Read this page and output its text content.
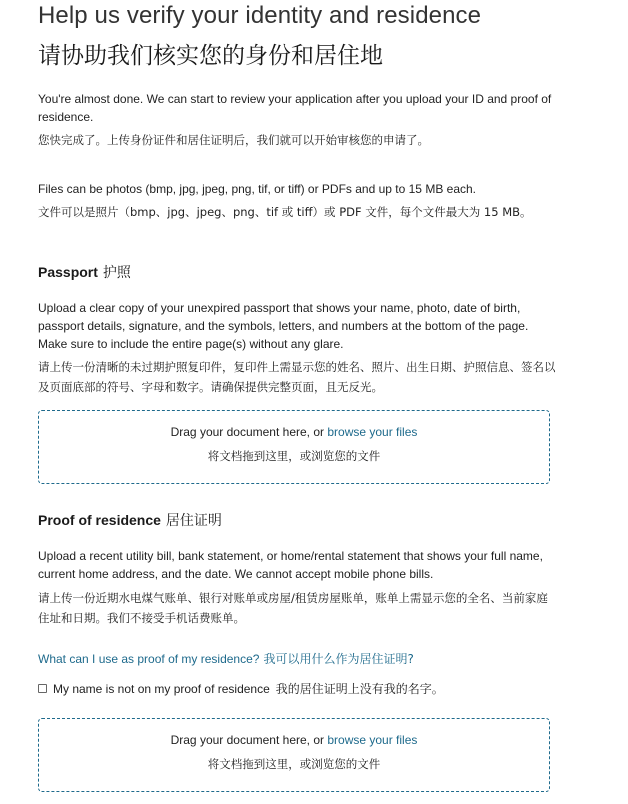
Help us verify your identity and residence
请协助我们核实您的身份和居住地
You're almost done. We can start to review your application after you upload your ID and proof of residence.
您快完成了。上传身份证件和居住证明后，我们就可以开始审核您的申请了。
Files can be photos (bmp, jpg, jpeg, png, tif, or tiff) or PDFs and up to 15 MB each.
文件可以是照片（bmp、jpg、jpeg、png、tif 或 tiff）或 PDF 文件，每个文件最大为 15 MB。
Passport 护照
Upload a clear copy of your unexpired passport that shows your name, photo, date of birth, passport details, signature, and the symbols, letters, and numbers at the bottom of the page. Make sure to include the entire page(s) without any glare.
请上传一份清晰的未过期护照复印件，复印件上需显示您的姓名、照片、出生日期、护照信息、签名以及页面底部的符号、字母和数字。请确保提供完整页面，且无反光。
Drag your document here, or browse your files
将文档拖到这里，或浏览您的文件
Proof of residence 居住证明
Upload a recent utility bill, bank statement, or home/rental statement that shows your full name, current home address, and the date. We cannot accept mobile phone bills.
请上传一份近期水电煤气账单、银行对账单或房屋/租赁房屋账单，账单上需显示您的全名、当前家庭住址和日期。我们不接受手机话费账单。
What can I use as proof of my residence? 我可以用什么作为居住证明?
My name is not on my proof of residence 我的居住证明上没有我的名字。
Drag your document here, or browse your files
将文档拖到这里，或浏览您的文件
